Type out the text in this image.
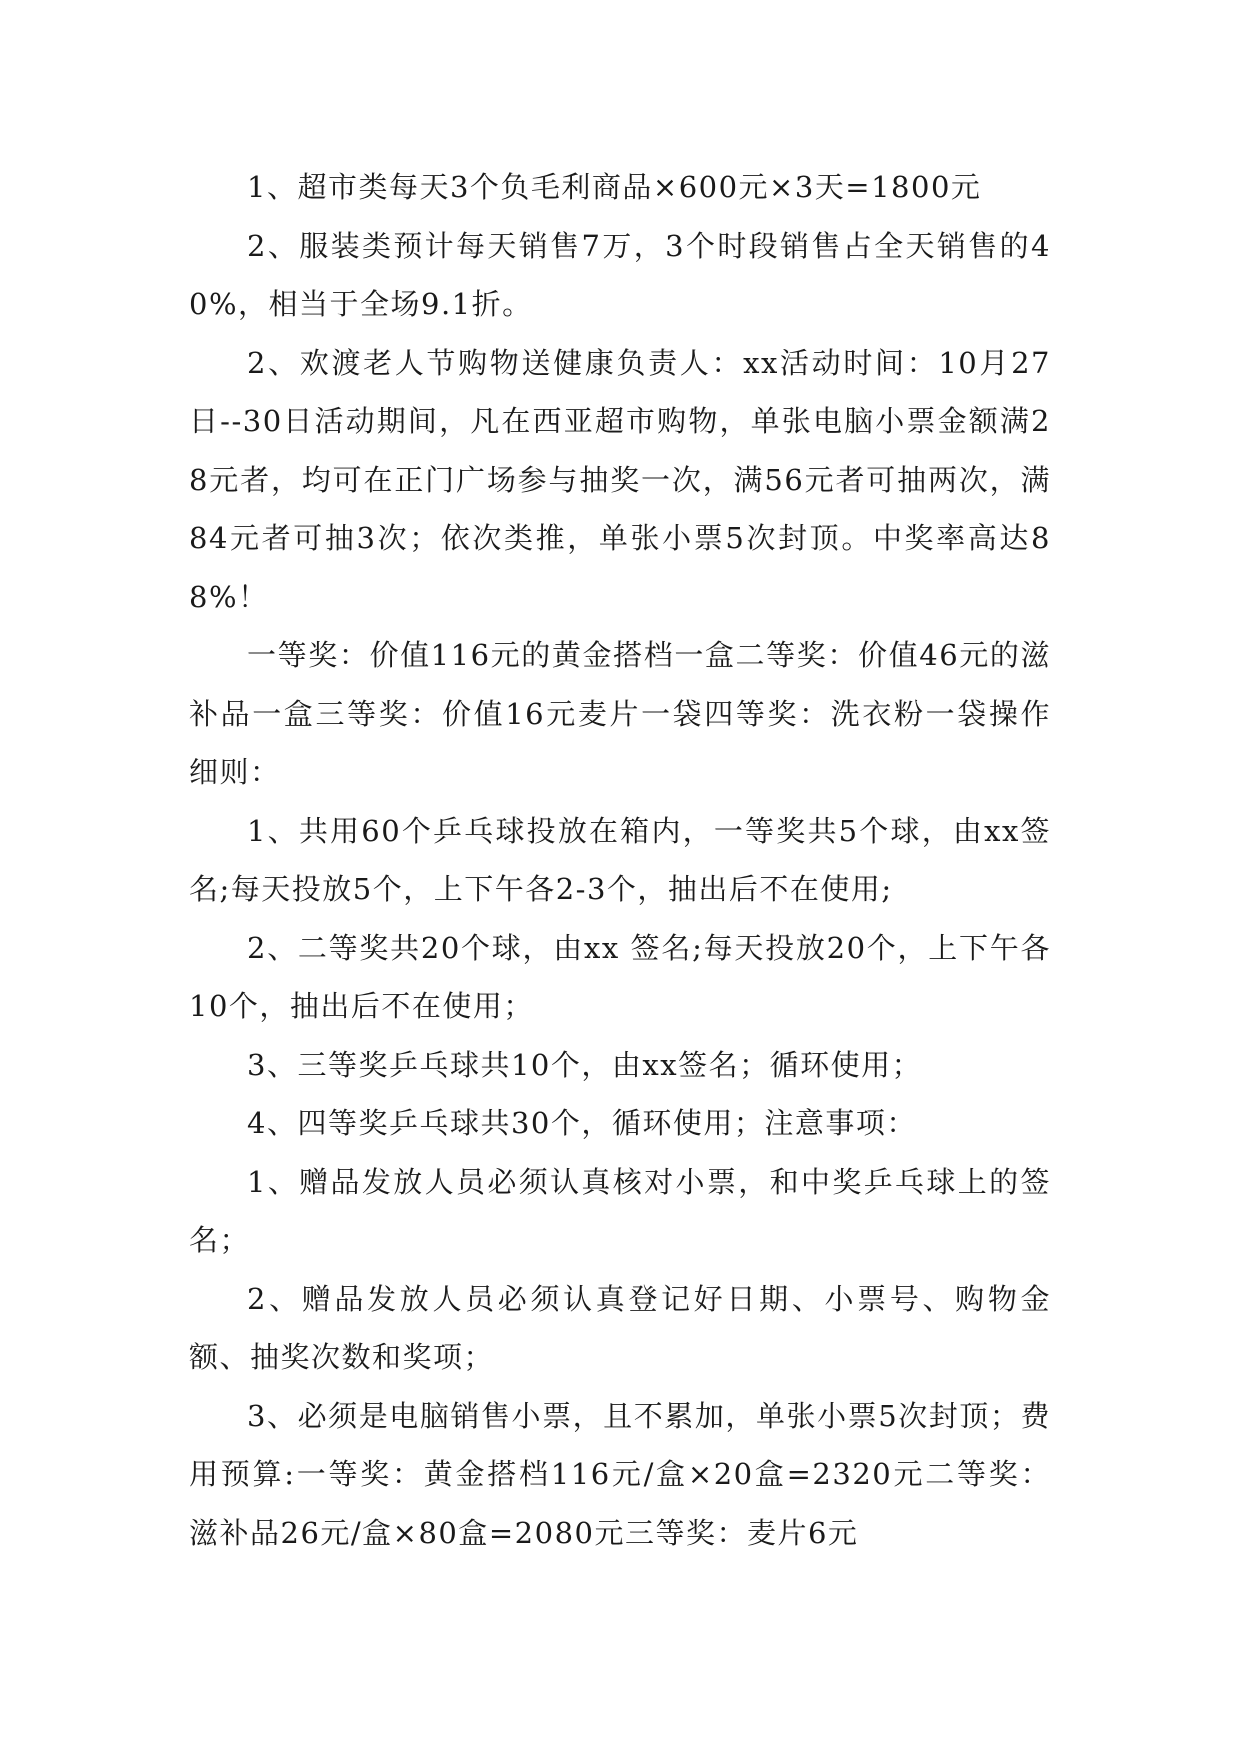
1、超市类每天3个负毛利商品×600元×3天=1800元

2、服装类预计每天销售7万，3个时段销售占全天销售的40%，相当于全场9.1折。

2、欢渡老人节购物送健康负责人：xx活动时间：10月27日--30日活动期间，凡在西亚超市购物，单张电脑小票金额满28元者，均可在正门广场参与抽奖一次，满56元者可抽两次，满84元者可抽3次；依次类推，单张小票5次封顶。中奖率高达88%！

一等奖：价值116元的黄金搭档一盒二等奖：价值46元的滋补品一盒三等奖：价值16元麦片一袋四等奖：洗衣粉一袋操作细则：

1、共用60个乒乓球投放在箱内，一等奖共5个球，由xx签名;每天投放5个，上下午各2-3个，抽出后不在使用;

2、二等奖共20个球，由xx 签名;每天投放20个，上下午各10个，抽出后不在使用；

3、三等奖乒乓球共10个，由xx签名；循环使用；

4、四等奖乒乓球共30个，循环使用；注意事项：

1、赠品发放人员必须认真核对小票，和中奖乒乓球上的签名；

2、赠品发放人员必须认真登记好日期、小票号、购物金额、抽奖次数和奖项；

3、必须是电脑销售小票，且不累加，单张小票5次封顶；费用预算:一等奖：黄金搭档116元/盒×20盒=2320元二等奖：滋补品26元/盒×80盒=2080元三等奖：麦片6元
